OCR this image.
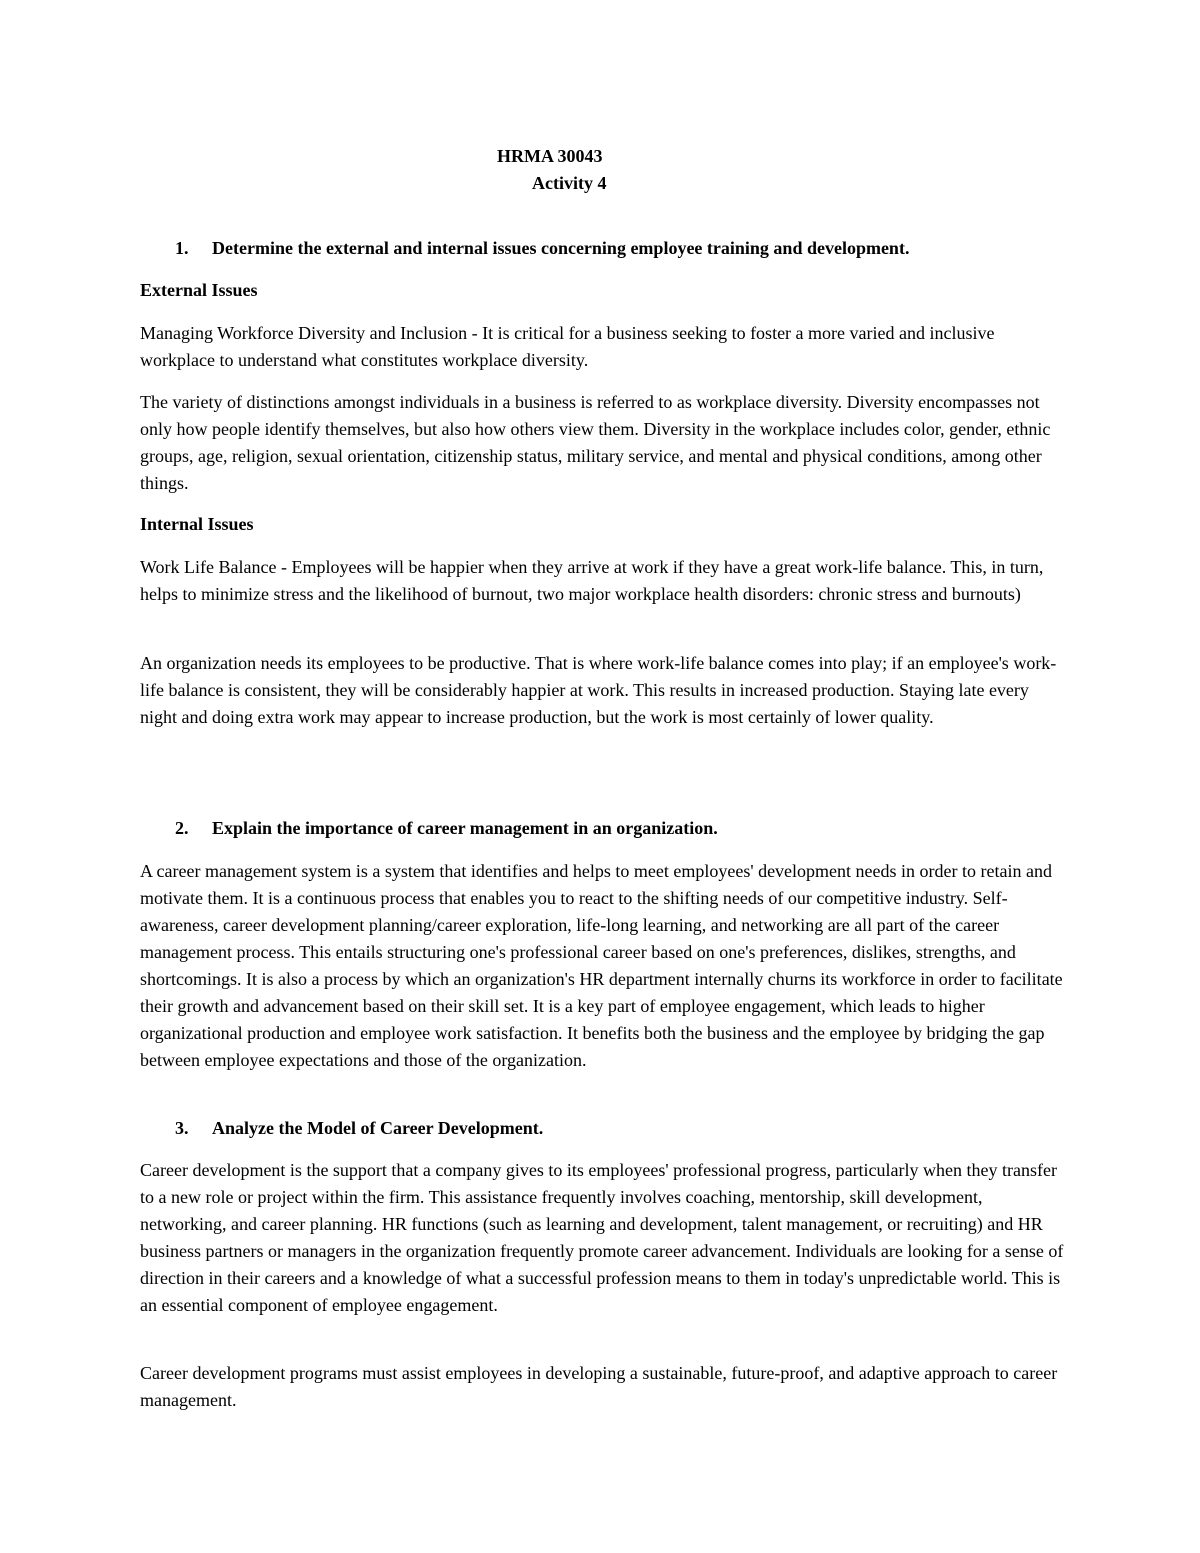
HRMA 30043

Activity 4

1. Determine the external and internal issues concerning employee training and development.

External Issues

Managing Workforce Diversity and Inclusion - It is critical for a business seeking to foster a more varied and inclusive workplace to understand what constitutes workplace diversity.

The variety of distinctions amongst individuals in a business is referred to as workplace diversity. Diversity encompasses not only how people identify themselves, but also how others view them. Diversity in the workplace includes color, gender, ethnic groups, age, religion, sexual orientation, citizenship status, military service, and mental and physical conditions, among other things.

Internal Issues

Work Life Balance - Employees will be happier when they arrive at work if they have a great work-life balance. This, in turn, helps to minimize stress and the likelihood of burnout, two major workplace health disorders: chronic stress and burnouts)

An organization needs its employees to be productive. That is where work-life balance comes into play; if an employee's work-life balance is consistent, they will be considerably happier at work. This results in increased production. Staying late every night and doing extra work may appear to increase production, but the work is most certainly of lower quality.

2. Explain the importance of career management in an organization.

A career management system is a system that identifies and helps to meet employees' development needs in order to retain and motivate them. It is a continuous process that enables you to react to the shifting needs of our competitive industry. Self-awareness, career development planning/career exploration, life-long learning, and networking are all part of the career management process. This entails structuring one's professional career based on one's preferences, dislikes, strengths, and shortcomings. It is also a process by which an organization's HR department internally churns its workforce in order to facilitate their growth and advancement based on their skill set. It is a key part of employee engagement, which leads to higher organizational production and employee work satisfaction. It benefits both the business and the employee by bridging the gap between employee expectations and those of the organization.

3. Analyze the Model of Career Development.

Career development is the support that a company gives to its employees' professional progress, particularly when they transfer to a new role or project within the firm. This assistance frequently involves coaching, mentorship, skill development, networking, and career planning. HR functions (such as learning and development, talent management, or recruiting) and HR business partners or managers in the organization frequently promote career advancement. Individuals are looking for a sense of direction in their careers and a knowledge of what a successful profession means to them in today's unpredictable world. This is an essential component of employee engagement.

Career development programs must assist employees in developing a sustainable, future-proof, and adaptive approach to career management.
